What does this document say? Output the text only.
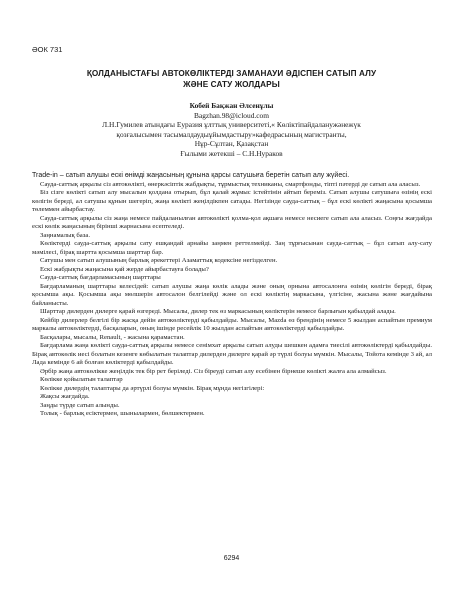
ӘОК 731
ҚОЛДАНЫСТАҒЫ АВТОКӨЛІКТЕРДІ ЗАМАНАУИ ӘДІСПЕН САТЫП АЛУ
ЖӘНЕ САТУ ЖОЛДАРЫ
Кобей Бақжан Әлсенұлы
Bagzhan.98@icloud.com
Л.Н.Гумилев атындағы Еуразия ұлттық университеті,« Көліктіпайдаланужәнежүк
қозғалысымен тасымалдаудыұйымдастыру»кафедрасының магистранты,
Нұр-Сұлтан, Қазақстан
Ғылыми жетекші – С.Н.Нураков

Trade-in – сатып алушы ескі өнімді жаңасының құнына қарсы сатушыға беретін сатып алу жүйесі.

Сауда-саттық арқылы сіз автокөлікті, өнеркәсіптік жабдықты, тұрмыстық техниканы, смартфонды, тіпті пәтерді де сатып ала аласыз.

Біз сізге көлікті сатып алу мысалын қолдана отырып, бұл қалай жұмыс істейтінін айтып береміз. Сатып алушы сатушыға өзінің ескі көлігін береді, ал сатушы құнын шегеріп, жаңа көлікті жеңілдікпен сатады. Негізінде сауда-саттық – бұл ескі көлікті жаңасына қосымша төлеммен айырбастау.

Сауда-саттық арқылы сіз жаңа немесе пайдаланылған автокөлікті қолма-қол ақшаға немесе несиеге сатып ала аласыз. Соңғы жағдайда ескі көлік жаңасының бірінші жарнасына есептеледі.

Заңнамалық база.

Көліктерді сауда-саттық арқылы сату ешқандай арнайы заңмен реттелмейді. Заң тұрғысынан сауда-саттық – бұл сатып алу-сату мәмілесі, бірақ шартта қосымша шарттар бар.

Сатушы мен сатып алушының барлық әрекеттері Азаматтық кодексіне негізделген.

Ескі жабдықты жаңасына қай жерде айырбастауға болады?

Сауда-саттық бағдарламасының шарттары

Бағдарламаның шарттары келесідей: сатып алушы жаңа көлік алады және оның орнына автосалонға өзінің көлігін береді, бірақ қосымша ақы. Қосымша ақы мөлшерін автосалон белгілейді және ол ескі көліктің маркасына, үлгісіне, жасына және жағдайына байланысты.

Шарттар дилерден дилерге қарай өзгереді. Мысалы, дилер тек өз маркасының көліктерін немесе барлығын қабылдай алады.

Кейбір дилерлер белгілі бір жасқа дейін автокөліктерді қабылдайды. Мысалы, Mazda өз брендінің немесе 5 жылдан аспайтын премиум маркалы автокөліктерді, басқаларын, оның ішінде ресейлік 10 жылдан аспайтын автокөліктерді қабылдайды.

Басқалары, мысалы, Renault, - жасына қарамастан.

Бағдарлама жаңа көлікті сауда-саттық арқылы немесе сенімхат арқылы сатып алуды шешкен адамға тиесілі автокөліктерді қабылдайды. Бірақ автокөлік иесі болатын кезенге көбылатын талаптар дилерден дилерге қарай әр түрлі болуы мүмкін. Мысалы, Тойота кемінде 3 ай, ал Лада кемінде 6 ай болған көліктерді қабылдайды.

Әрбір жаңа автокөлікке жеңілдік тек бір рет беріледі. Сіз біреуді сатып алу есебінен бірнеше көлікті жалға ала алмайсыз.

Көлікке қойылатын талаптар

Көлікке дилердің талаптары да әртүрлі болуы мүмкін. Бірақ мұнда негізгілері:

Жақсы жағдайда.

Заңды түрде сатып алынды.

Толық - барлық есіктермен, шынылармен, бөлшектермен.

6294
